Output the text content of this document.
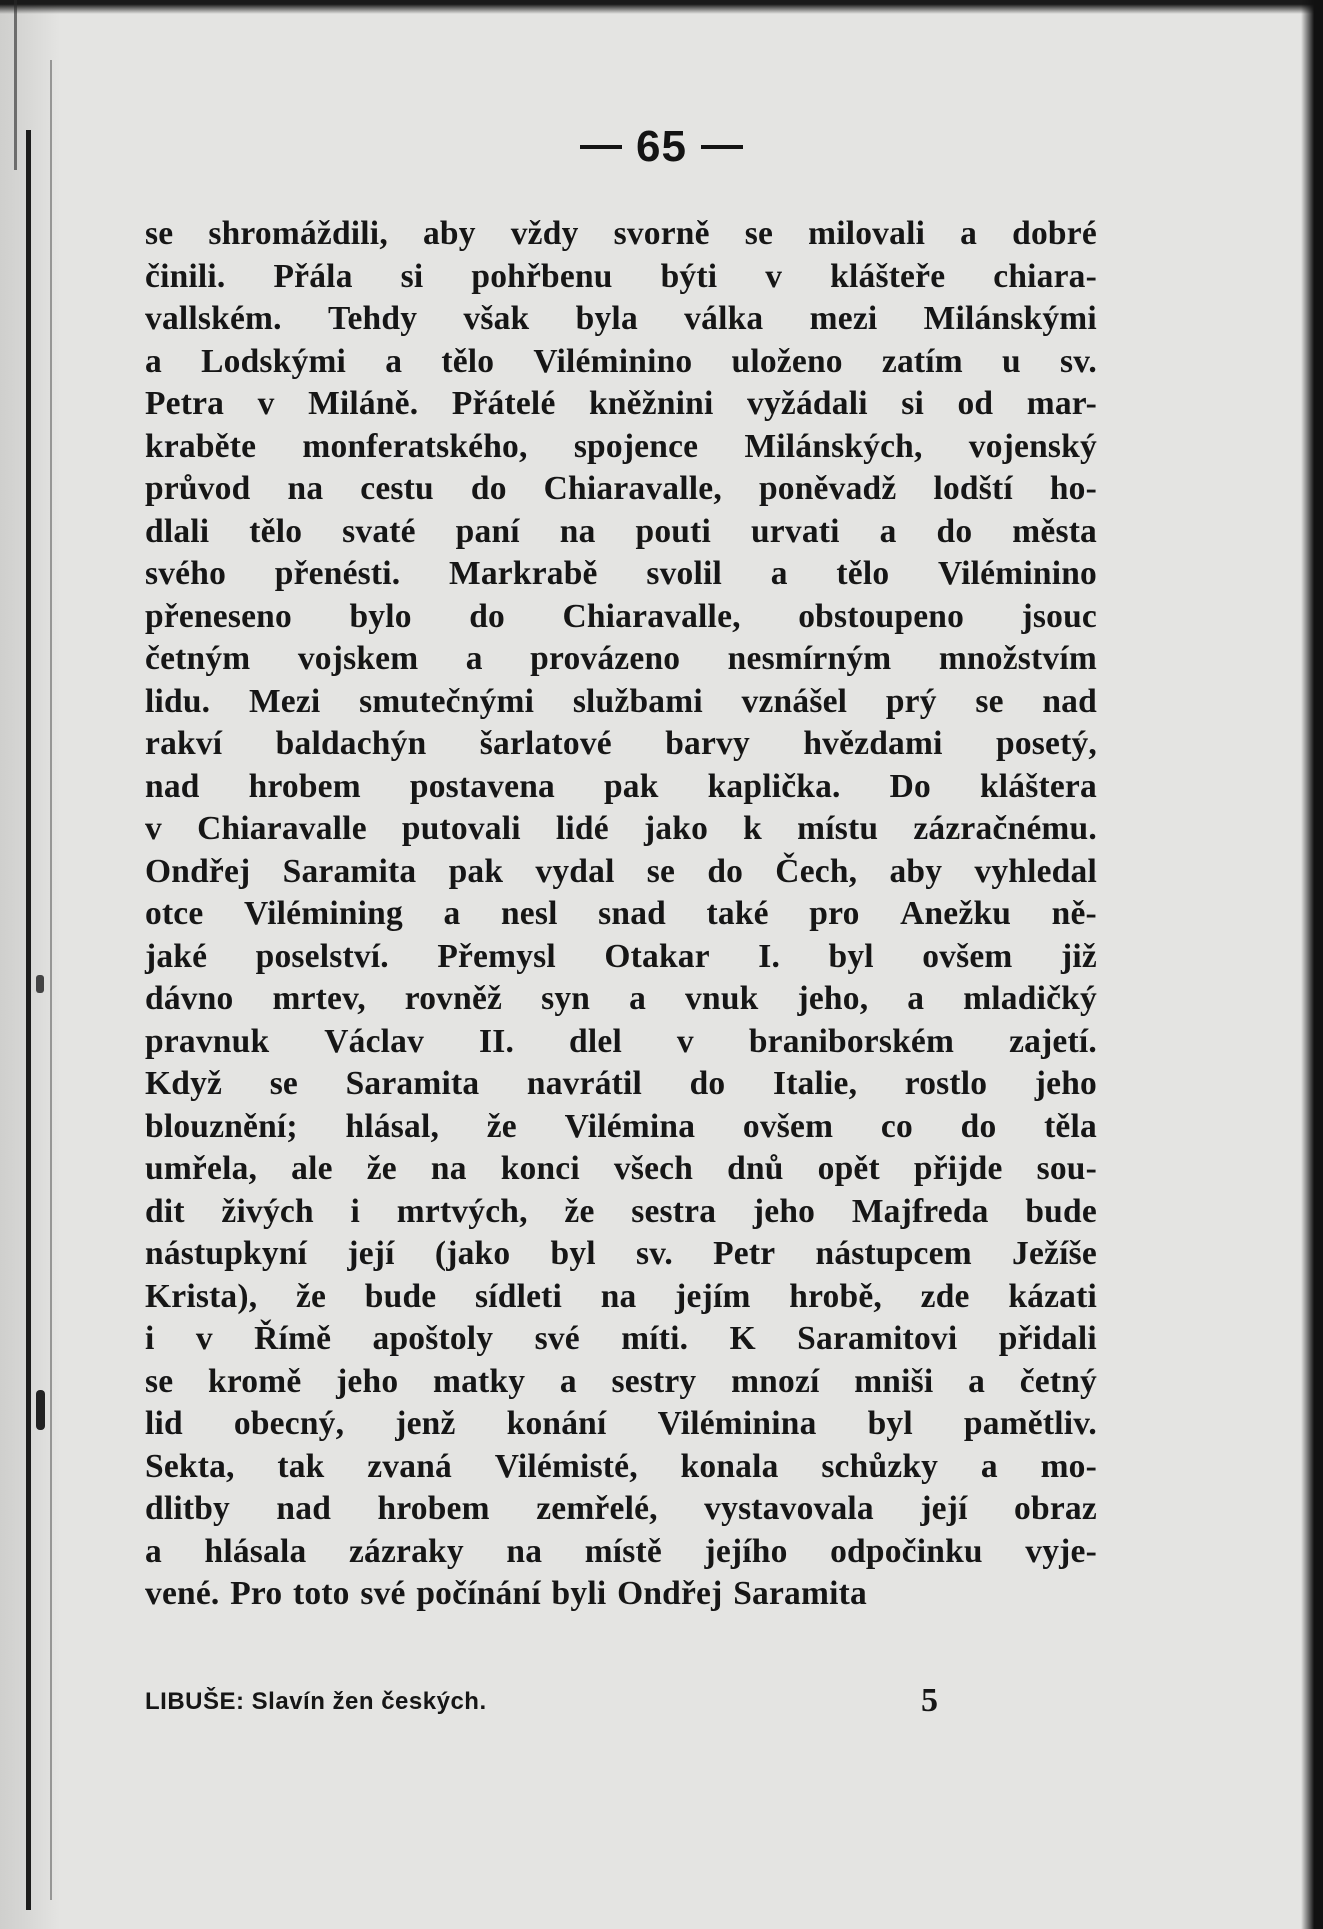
65
se shromáždili, aby vždy svorně se milovali a dobré
činili. Přála si pohřbenu býti v klášteře chiara-
vallském. Tehdy však byla válka mezi Milánskými
a Lodskými a tělo Viléminino uloženo zatím u sv.
Petra v Miláně. Přátelé kněžnini vyžádali si od mar-
kraběte monferatského, spojence Milánských, vojenský
průvod na cestu do Chiaravalle, poněvadž lodští ho-
dlali tělo svaté paní na pouti urvati a do města
svého přenésti. Markrabě svolil a tělo Viléminino
přeneseno bylo do Chiaravalle, obstoupeno jsouc
četným vojskem a provázeno nesmírným množstvím
lidu. Mezi smutečnými službami vznášel prý se nad
rakví baldachýn šarlatové barvy hvězdami posetý,
nad hrobem postavena pak kaplička. Do kláštera
v Chiaravalle putovali lidé jako k místu zázračnému.
Ondřej Saramita pak vydal se do Čech, aby vyhledal
otce Vilémining a nesl snad také pro Anežku ně-
jaké poselství. Přemysl Otakar I. byl ovšem již
dávno mrtev, rovněž syn a vnuk jeho, a mladičký
pravnuk Václav II. dlel v braniborském zajetí.
Když se Saramita navrátil do Italie, rostlo jeho
blouznění; hlásal, že Vilémina ovšem co do těla
umřela, ale že na konci všech dnů opět přijde sou-
dit živých i mrtvých, že sestra jeho Majfreda bude
nástupkyní její (jako byl sv. Petr nástupcem Ježíše
Krista), že bude sídleti na jejím hrobě, zde kázati
i v Římě apoštoly své míti. K Saramitovi přidali
se kromě jeho matky a sestry mnozí mniši a četný
lid obecný, jenž konání Viléminina byl pamětliv.
Sekta, tak zvaná Vilémisté, konala schůzky a mo-
dlitby nad hrobem zemřelé, vystavovala její obraz
a hlásala zázraky na místě jejího odpočinku vyje-
vené. Pro toto své počínání byli Ondřej Saramita
LIBUŠE: Slavín žen českých.	5
